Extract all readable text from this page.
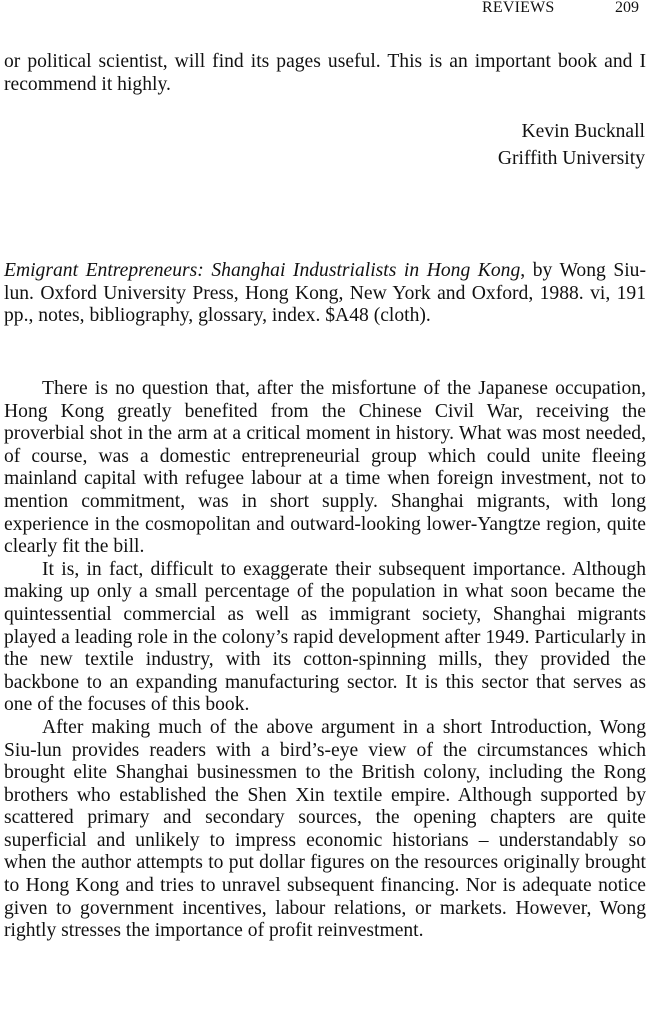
REVIEWS	209

or political scientist, will find its pages useful. This is an important book and I recommend it highly.

Kevin Bucknall
Griffith University

Emigrant Entrepreneurs: Shanghai Industrialists in Hong Kong, by Wong Siu-lun. Oxford University Press, Hong Kong, New York and Oxford, 1988. vi, 191 pp., notes, bibliography, glossary, index. $A48 (cloth).

There is no question that, after the misfortune of the Japanese occupation, Hong Kong greatly benefited from the Chinese Civil War, receiving the proverbial shot in the arm at a critical moment in history. What was most needed, of course, was a domestic entrepreneurial group which could unite fleeing mainland capital with refugee labour at a time when foreign investment, not to mention commitment, was in short supply. Shanghai migrants, with long experience in the cosmopolitan and outward-looking lower-Yangtze region, quite clearly fit the bill.

It is, in fact, difficult to exaggerate their subsequent importance. Although making up only a small percentage of the population in what soon became the quintessential commercial as well as immigrant society, Shanghai migrants played a leading role in the colony’s rapid development after 1949. Particularly in the new textile industry, with its cotton-spinning mills, they provided the backbone to an expanding manufacturing sector. It is this sector that serves as one of the focuses of this book.

After making much of the above argument in a short Introduction, Wong Siu-lun provides readers with a bird’s-eye view of the circumstances which brought elite Shanghai businessmen to the British colony, including the Rong brothers who established the Shen Xin textile empire. Although supported by scattered primary and secondary sources, the opening chapters are quite superficial and unlikely to impress economic historians – understandably so when the author attempts to put dollar figures on the resources originally brought to Hong Kong and tries to unravel subsequent financing. Nor is adequate notice given to government incentives, labour relations, or markets. However, Wong rightly stresses the importance of profit reinvestment.
